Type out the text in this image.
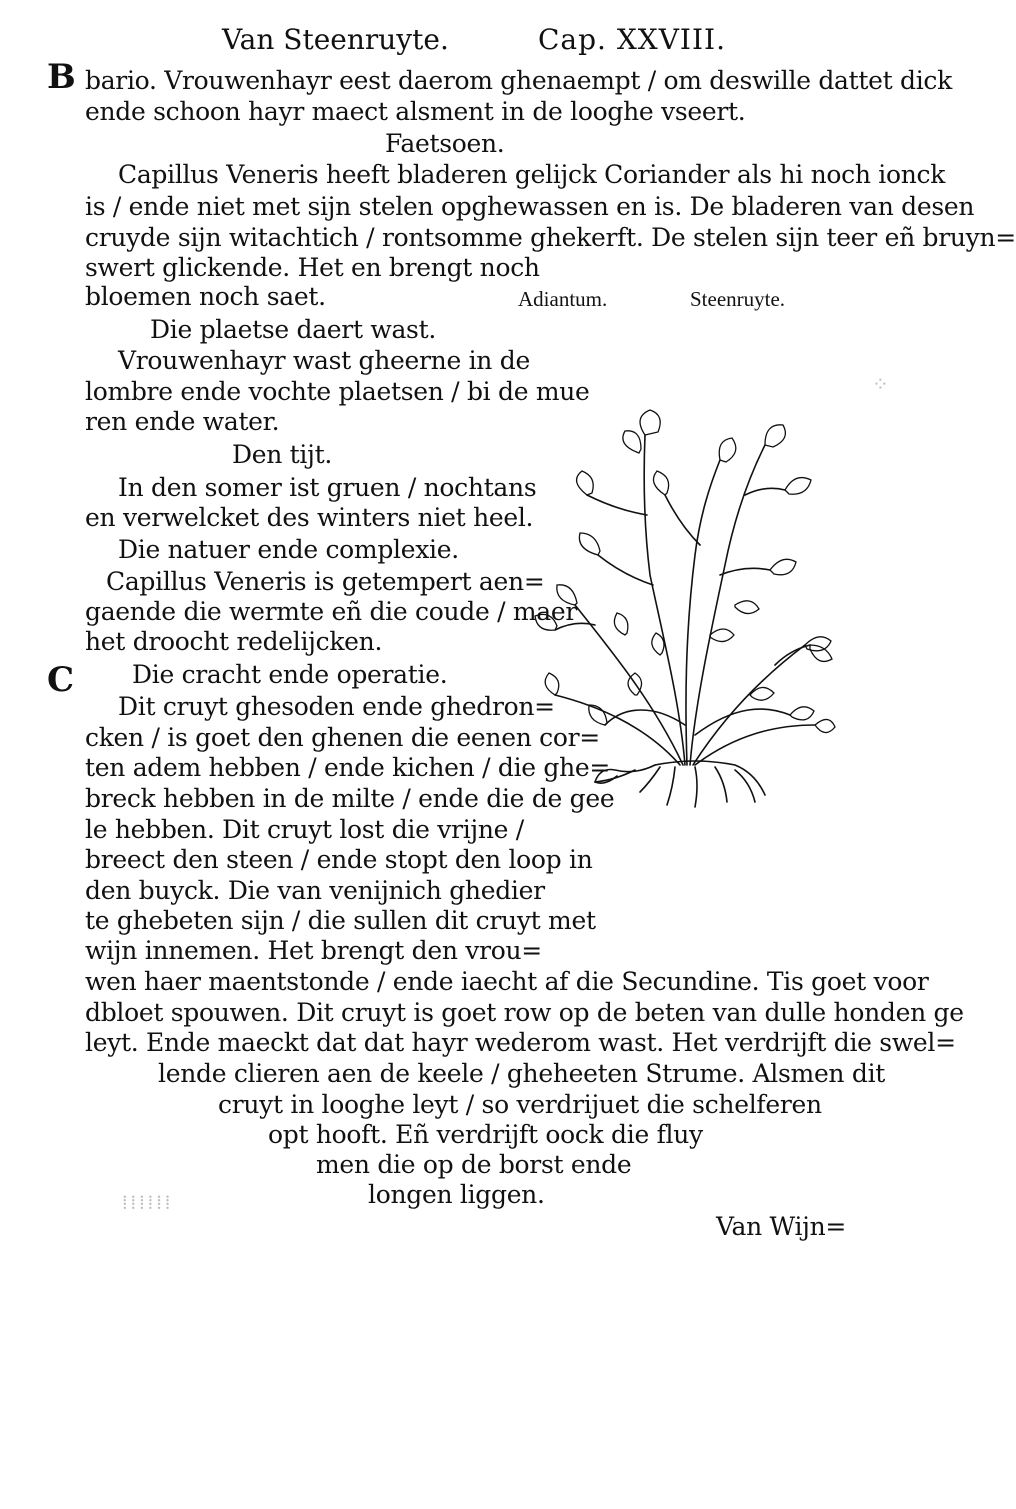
Van Steenruyte.	Cap. XXVIII.
B
C
bario. Vrouwenhayr eest daerom ghenaempt / om deswille dattet dick
ende schoon hayr maect alsment in de looghe vseert.
Faetsoen.
Capillus Veneris heeft bladeren gelijck Coriander als hi noch ionck
is / ende niet met sijn stelen opghewassen en is. De bladeren van desen
cruyde sijn witachtich / rontsomme ghekerft. De stelen sijn teer eñ bruyn=
swert glickende. Het en brengt noch
bloemen noch saet.	Adiantum.	Steenruyte.
Die plaetse daert wast.
Vrouwenhayr wast gheerne in de
lombre ende vochte plaetsen / bi de mue
ren ende water.
Den tijt.
In den somer ist gruen / nochtans
en verwelcket des winters niet heel.
Die natuer ende complexie.
Capillus Veneris is getempert aen=
gaende die wermte eñ die coude / maer
het droocht redelijcken.
Die cracht ende operatie.
Dit cruyt ghesoden ende ghedron=
cken / is goet den ghenen die eenen cor=
ten adem hebben / ende kichen / die ghe=
breck hebben in de milte / ende die de gee
le hebben. Dit cruyt lost die vrijne /
breect den steen / ende stopt den loop in
den buyck. Die van venijnich ghedier
te ghebeten sijn / die sullen dit cruyt met
wijn innemen. Het brengt den vrou=
wen haer maentstonde / ende iaecht af die Secundine. Tis goet voor
dbloet spouwen. Dit cruyt is goet row op de beten van dulle honden ge
leyt. Ende maeckt dat dat hayr wederom wast. Het verdrijft die swel=
lende clieren aen de keele / gheheeten Strume. Alsmen dit
cruyt in looghe leyt / so verdrijuet die schelferen
opt hooft. Eñ verdrijft oock die fluy
men die op de borst ende
longen liggen.
Van Wijn=
⁞⁞⁞⁞⁞⁞
⁘
